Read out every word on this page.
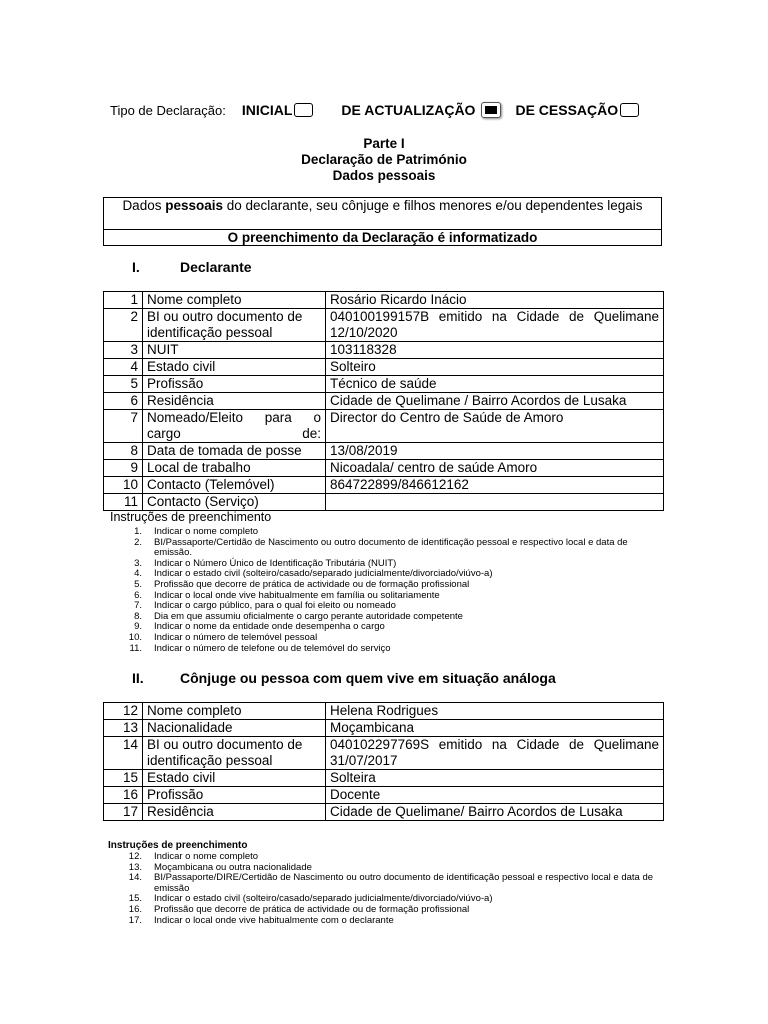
Tipo de Declaração: INICIAL	DE ACTUALIZAÇÃO	DE CESSAÇÃO
Parte I
Declaração de Património
Dados pessoais
Dados pessoais do declarante, seu cônjuge e filhos menores e/ou dependentes legais
O preenchimento da Declaração é informatizado
I.	Declarante
1	Nome completo	Rosário Ricardo Inácio
2	BI ou outro documento de identificação pessoal	040100199157B emitido na Cidade de Quelimane 12/10/2020
3	NUIT	103118328
4	Estado civil	Solteiro
5	Profissão	Técnico de saúde
6	Residência	Cidade de Quelimane / Bairro Acordos de Lusaka
7	Nomeado/Eleito para o cargo de:	Director do Centro de Saúde de Amoro
8	Data de tomada de posse	13/08/2019
9	Local de trabalho	Nicoadala/ centro de saúde Amoro
10	Contacto (Telemóvel)	864722899/846612162
11	Contacto (Serviço)	
Instruções de preenchimento
1. Indicar o nome completo
2. BI/Passaporte/Certidão de Nascimento ou outro documento de identificação pessoal e respectivo local e data de emissão.
3. Indicar o Número Único de Identificação Tributária (NUIT)
4. Indicar o estado civil (solteiro/casado/separado judicialmente/divorciado/viúvo-a)
5. Profissão que decorre de prática de actividade ou de formação profissional
6. Indicar o local onde vive habitualmente em família ou solitariamente
7. Indicar o cargo público, para o qual foi eleito ou nomeado
8. Dia em que assumiu oficialmente o cargo perante autoridade competente
9. Indicar o nome da entidade onde desempenha o cargo
10. Indicar o número de telemóvel pessoal
11. Indicar o número de telefone ou de telemóvel do serviço
II.	Cônjuge ou pessoa com quem vive em situação análoga
12	Nome completo	Helena Rodrigues
13	Nacionalidade	Moçambicana
14	BI ou outro documento de identificação pessoal	040102297769S emitido na Cidade de Quelimane 31/07/2017
15	Estado civil	Solteira
16	Profissão	Docente
17	Residência	Cidade de Quelimane/ Bairro Acordos de Lusaka
Instruções de preenchimento
12. Indicar o nome completo
13. Moçambicana ou outra nacionalidade
14. BI/Passaporte/DIRE/Certidão de Nascimento ou outro documento de identificação pessoal e respectivo local e data de emissão
15. Indicar o estado civil (solteiro/casado/separado judicialmente/divorciado/viúvo-a)
16. Profissão que decorre de prática de actividade ou de formação profissional
17. Indicar o local onde vive habitualmente com o declarante
